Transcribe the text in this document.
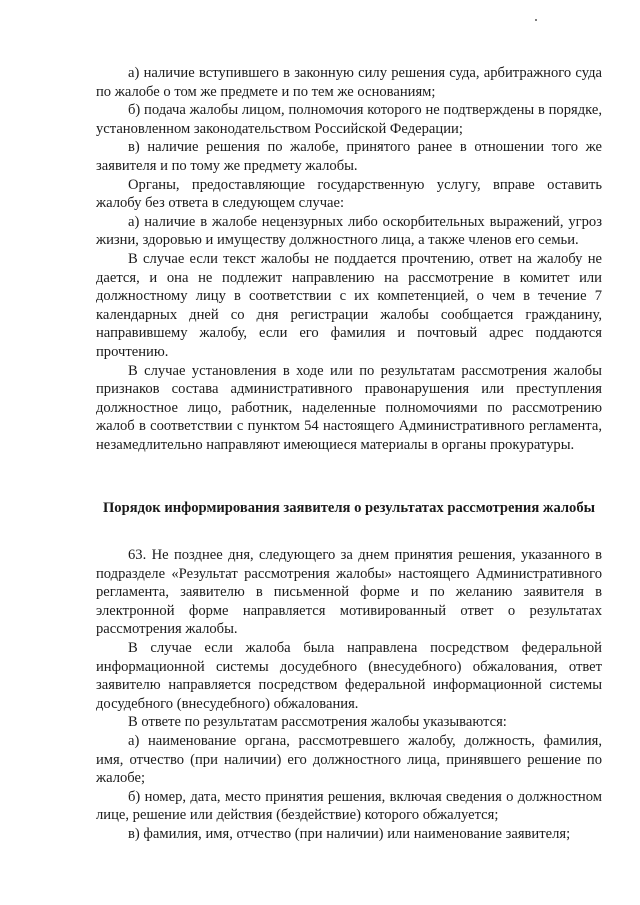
а) наличие вступившего в законную силу решения суда, арбитражного суда по жалобе о том же предмете и по тем же основаниям;

б) подача жалобы лицом, полномочия которого не подтверждены в порядке, установленном законодательством Российской Федерации;

в) наличие решения по жалобе, принятого ранее в отношении того же заявителя и по тому же предмету жалобы.

Органы, предоставляющие государственную услугу, вправе оставить жалобу без ответа в следующем случае:

а) наличие в жалобе нецензурных либо оскорбительных выражений, угроз жизни, здоровью и имуществу должностного лица, а также членов его семьи.

В случае если текст жалобы не поддается прочтению, ответ на жалобу не дается, и она не подлежит направлению на рассмотрение в комитет или должностному лицу в соответствии с их компетенцией, о чем в течение 7 календарных дней со дня регистрации жалобы сообщается гражданину, направившему жалобу, если его фамилия и почтовый адрес поддаются прочтению.

В случае установления в ходе или по результатам рассмотрения жалобы признаков состава административного правонарушения или преступления должностное лицо, работник, наделенные полномочиями по рассмотрению жалоб в соответствии с пунктом 54 настоящего Административного регламента, незамедлительно направляют имеющиеся материалы в органы прокуратуры.

Порядок информирования заявителя о результатах рассмотрения жалобы

63. Не позднее дня, следующего за днем принятия решения, указанного в подразделе «Результат рассмотрения жалобы» настоящего Административного регламента, заявителю в письменной форме и по желанию заявителя в электронной форме направляется мотивированный ответ о результатах рассмотрения жалобы.

В случае если жалоба была направлена посредством федеральной информационной системы досудебного (внесудебного) обжалования, ответ заявителю направляется посредством федеральной информационной системы досудебного (внесудебного) обжалования.

В ответе по результатам рассмотрения жалобы указываются:

а) наименование органа, рассмотревшего жалобу, должность, фамилия, имя, отчество (при наличии) его должностного лица, принявшего решение по жалобе;

б) номер, дата, место принятия решения, включая сведения о должностном лице, решение или действия (бездействие) которого обжалуется;

в) фамилия, имя, отчество (при наличии) или наименование заявителя;
